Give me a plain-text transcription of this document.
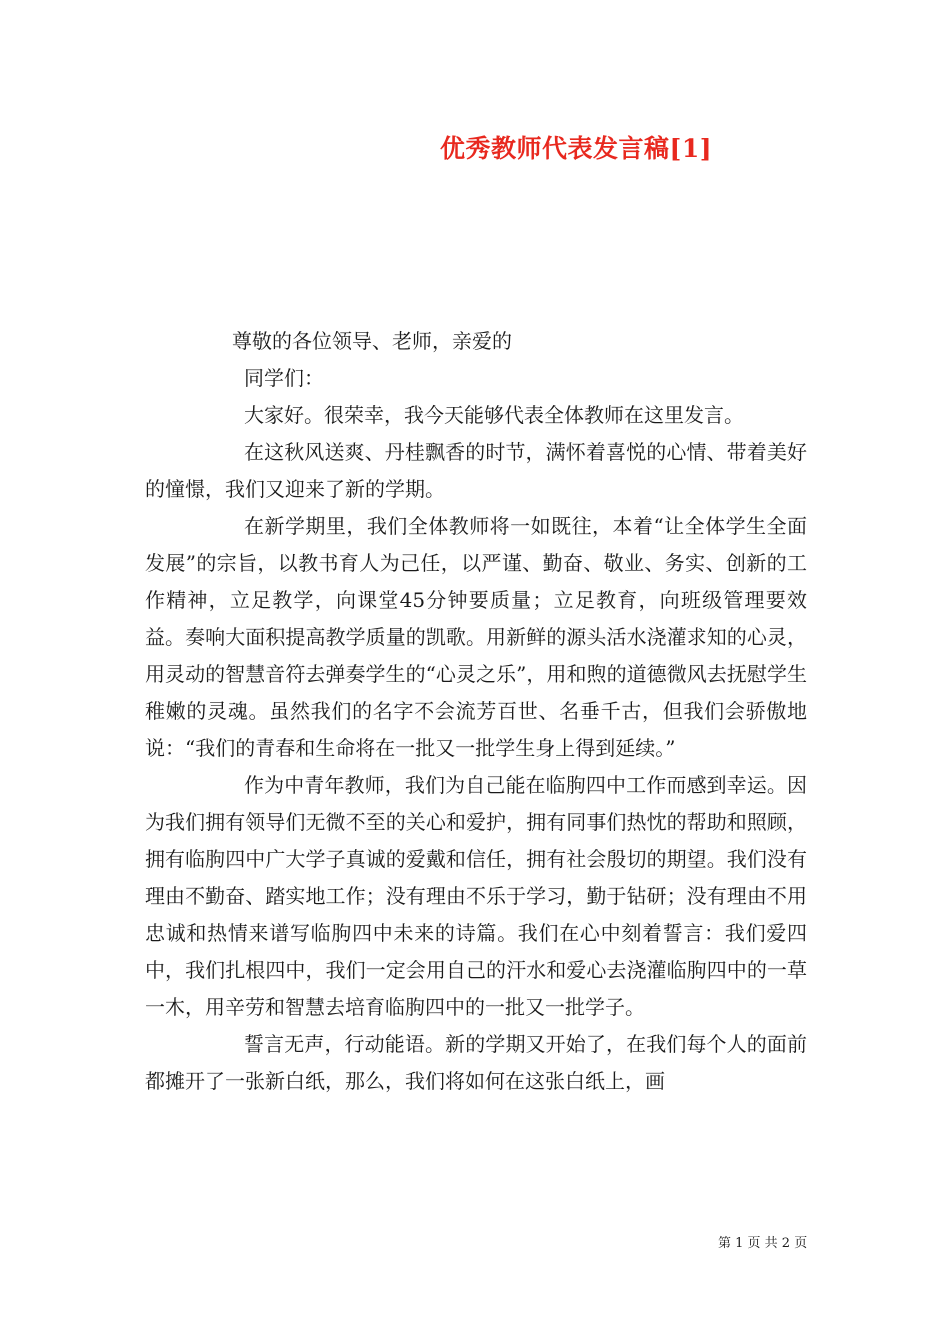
优秀教师代表发言稿[1]

尊敬的各位领导、老师，亲爱的

同学们：

大家好。很荣幸，我今天能够代表全体教师在这里发言。

在这秋风送爽、丹桂飘香的时节，满怀着喜悦的心情、带着美好的憧憬，我们又迎来了新的学期。

在新学期里，我们全体教师将一如既往，本着“让全体学生全面发展”的宗旨，以教书育人为己任，以严谨、勤奋、敬业、务实、创新的工作精神，立足教学，向课堂45分钟要质量；立足教育，向班级管理要效益。奏响大面积提高教学质量的凯歌。用新鲜的源头活水浇灌求知的心灵，用灵动的智慧音符去弹奏学生的“心灵之乐”，用和煦的道德微风去抚慰学生稚嫩的灵魂。虽然我们的名字不会流芳百世、名垂千古，但我们会骄傲地说：“我们的青春和生命将在一批又一批学生身上得到延续。”

作为中青年教师，我们为自己能在临朐四中工作而感到幸运。因为我们拥有领导们无微不至的关心和爱护，拥有同事们热忱的帮助和照顾，拥有临朐四中广大学子真诚的爱戴和信任，拥有社会殷切的期望。我们没有理由不勤奋、踏实地工作；没有理由不乐于学习，勤于钻研；没有理由不用忠诚和热情来谱写临朐四中未来的诗篇。我们在心中刻着誓言：我们爱四中，我们扎根四中，我们一定会用自己的汗水和爱心去浇灌临朐四中的一草一木，用辛劳和智慧去培育临朐四中的一批又一批学子。

誓言无声，行动能语。新的学期又开始了，在我们每个人的面前都摊开了一张新白纸，那么，我们将如何在这张白纸上，画

第 1 页 共 2 页
